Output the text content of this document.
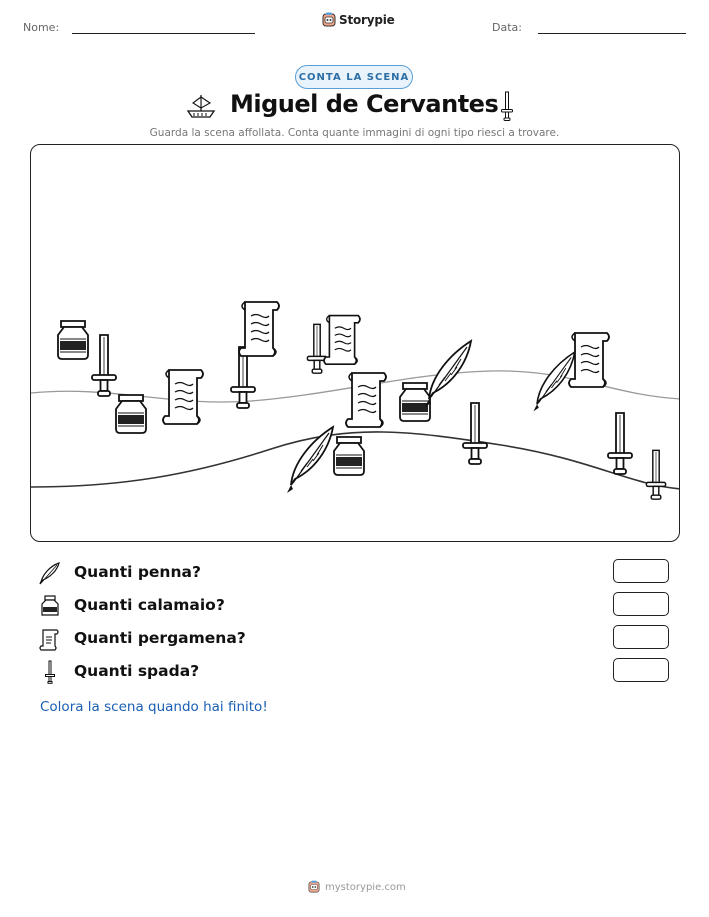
Nome:
Storypie
Data:
CONTA LA SCENA
Miguel de Cervantes
Guarda la scena affollata. Conta quante immagini di ogni tipo riesci a trovare.
Quanti penna?
Quanti calamaio?
Quanti pergamena?
Quanti spada?
Colora la scena quando hai finito!
mystorypie.com
